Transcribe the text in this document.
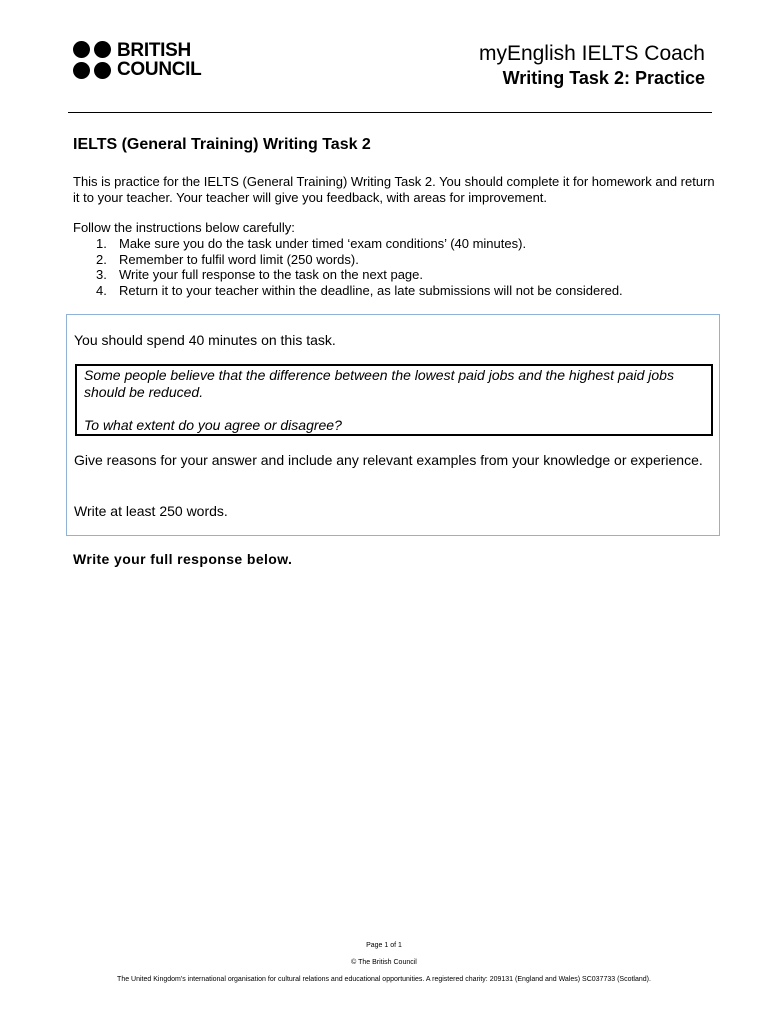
BRITISH
COUNCIL
myEnglish IELTS Coach
Writing Task 2: Practice
IELTS (General Training) Writing Task 2
This is practice for the IELTS (General Training) Writing Task 2. You should complete it for homework and return it to your teacher. Your teacher will give you feedback, with areas for improvement.
Follow the instructions below carefully:
1. Make sure you do the task under timed ‘exam conditions’ (40 minutes).
2. Remember to fulfil word limit (250 words).
3. Write your full response to the task on the next page.
4. Return it to your teacher within the deadline, as late submissions will not be considered.
You should spend 40 minutes on this task.

Some people believe that the difference between the lowest paid jobs and the highest paid jobs should be reduced.

To what extent do you agree or disagree?

Give reasons for your answer and include any relevant examples from your knowledge or experience.
Write at least 250 words.
Write your full response below.
Page 1 of 1
© The British Council
The United Kingdom’s international organisation for cultural relations and educational opportunities. A registered charity: 209131 (England and Wales) SC037733 (Scotland).
